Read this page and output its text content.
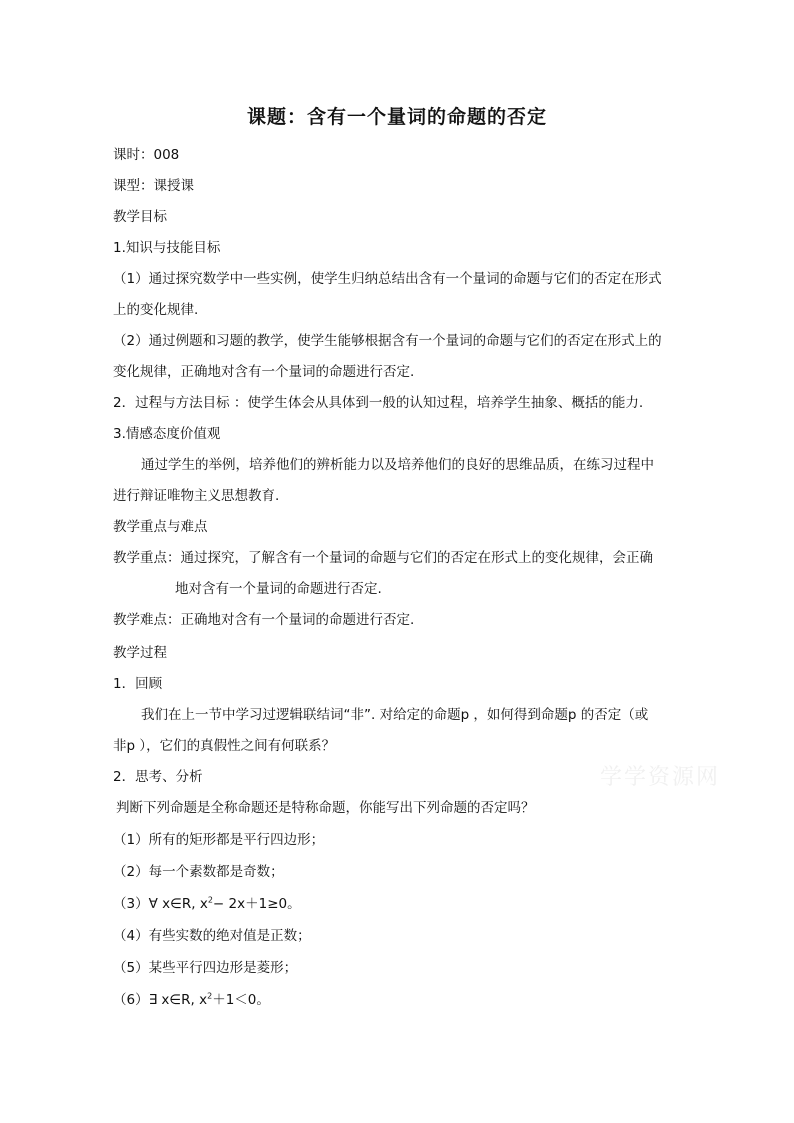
课题：含有一个量词的命题的否定
课时：008
课型：课授课
教学目标
1.知识与技能目标
（1）通过探究数学中一些实例，使学生归纳总结出含有一个量词的命题与它们的否定在形式
上的变化规律.
（2）通过例题和习题的教学，使学生能够根据含有一个量词的命题与它们的否定在形式上的
变化规律，正确地对含有一个量词的命题进行否定.
2．过程与方法目标 ：使学生体会从具体到一般的认知过程，培养学生抽象、概括的能力.
3.情感态度价值观
通过学生的举例，培养他们的辨析能力以及培养他们的良好的思维品质，在练习过程中
进行辩证唯物主义思想教育.
教学重点与难点
教学重点：通过探究，了解含有一个量词的命题与它们的否定在形式上的变化规律，会正确
地对含有一个量词的命题进行否定.
教学难点：正确地对含有一个量词的命题进行否定.
教学过程
1．回顾
我们在上一节中学习过逻辑联结词“非”. 对给定的命题p ，如何得到命题p 的否定（或
非p ），它们的真假性之间有何联系？
2．思考、分析
判断下列命题是全称命题还是特称命题，你能写出下列命题的否定吗？
（1）所有的矩形都是平行四边形；
（2）每一个素数都是奇数；
（3）∀ x∈R, $x^2- 2x+1\ge 0$。
（4）有些实数的绝对值是正数；
（5）某些平行四边形是菱形；
（6）∃ x∈R, $x^2+1<0$。
学学资源网
